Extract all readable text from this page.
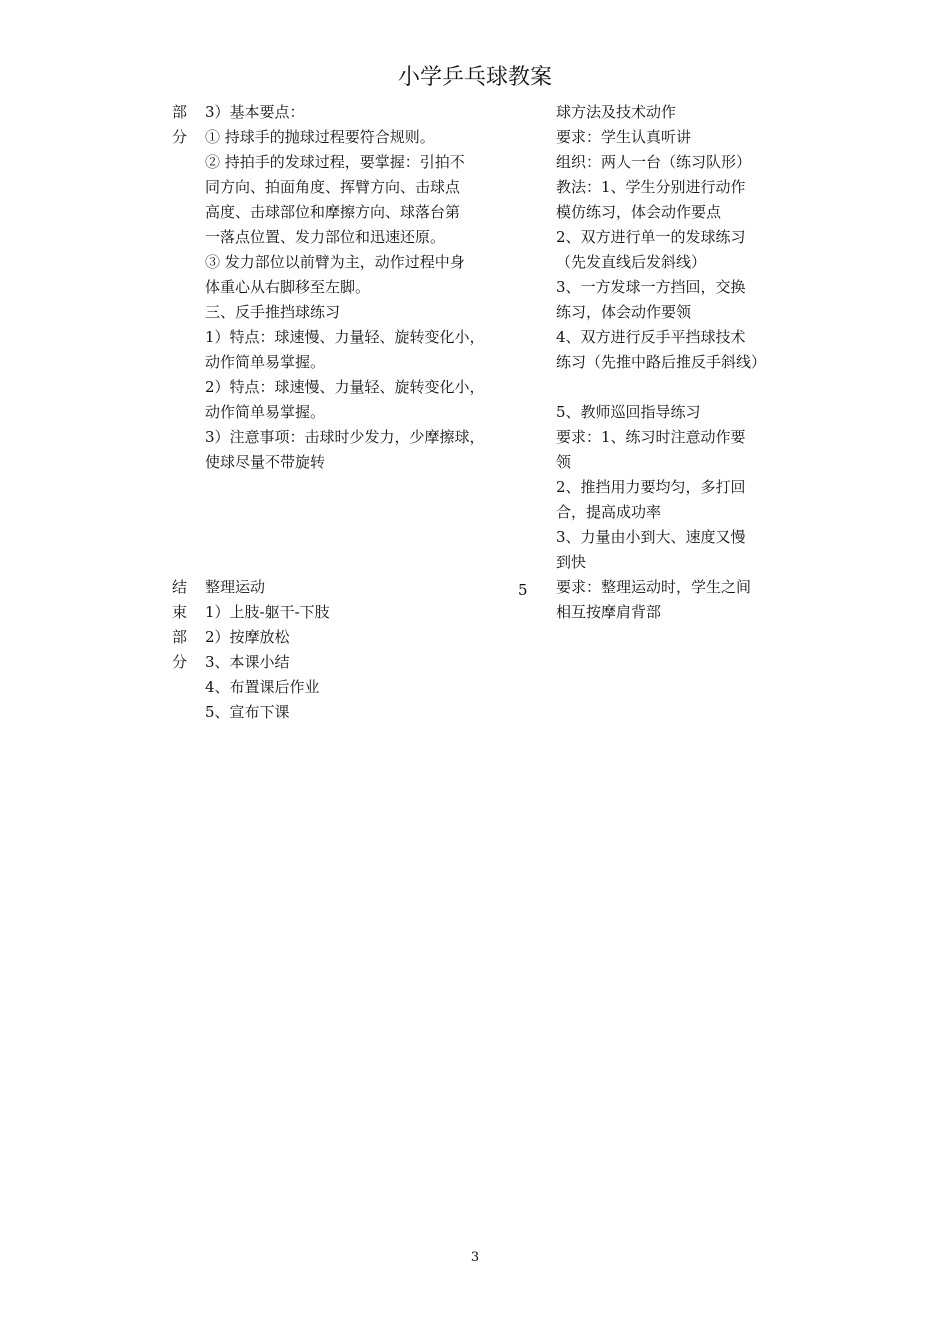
小学乒乓球教案
部
分
3）基本要点：
① 持球手的抛球过程要符合规则。
② 持拍手的发球过程，要掌握：引拍不
同方向、拍面角度、挥臂方向、击球点
高度、击球部位和摩擦方向、球落台第
一落点位置、发力部位和迅速还原。
③ 发力部位以前臂为主，动作过程中身
体重心从右脚移至左脚。
三、反手推挡球练习
1）特点：球速慢、力量轻、旋转变化小，
动作简单易掌握。
2）特点：球速慢、力量轻、旋转变化小，
动作简单易掌握。
3）注意事项：击球时少发力，少摩擦球，
使球尽量不带旋转
球方法及技术动作
要求：学生认真听讲
组织：两人一台（练习队形）
教法：1、学生分别进行动作
模仿练习，体会动作要点
2、双方进行单一的发球练习
（先发直线后发斜线）
3、一方发球一方挡回，交换
练习，体会动作要领
4、双方进行反手平挡球技术
练习（先推中路后推反手斜线）
5、教师巡回指导练习
要求：1、练习时注意动作要
领
2、推挡用力要均匀，多打回
合，提高成功率
3、力量由小到大、速度又慢
到快
结
束
部
分
整理运动
1）上肢-躯干-下肢
2）按摩放松
3、本课小结
4、布置课后作业
5、宣布下课
5	要求：整理运动时，学生之间
相互按摩肩背部
3
